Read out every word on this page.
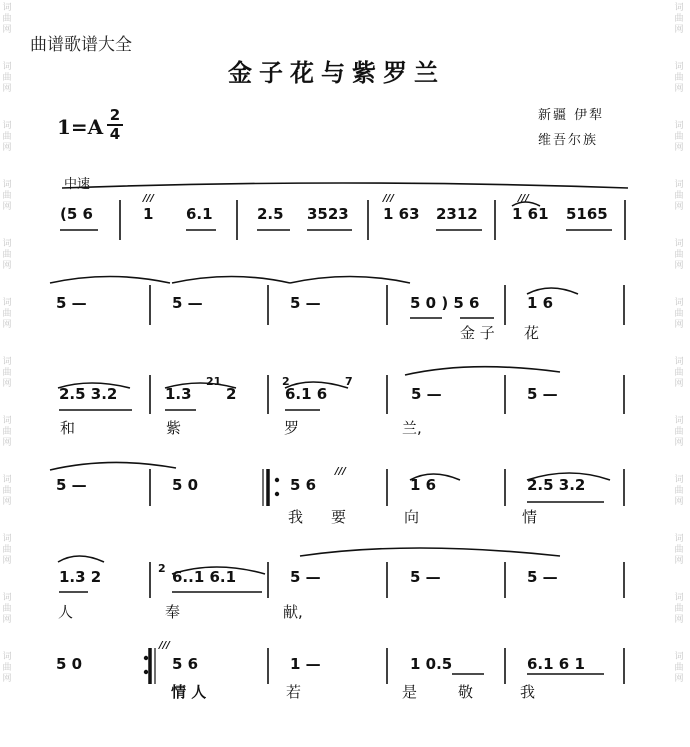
词
曲
网
词
曲
网
词
曲
网
词
曲
网
词
曲
网
词
曲
网
词
曲
网
词
曲
网
词
曲
网
词
曲
网
词
曲
网
词
曲
网
词
曲
网
词
曲
网
词
曲
网
词
曲
网
词
曲
网
词
曲
网
词
曲
网
词
曲
网
词
曲
网
词
曲
网
词
曲
网
词
曲
网
曲谱歌谱大全
金子花与紫罗兰
1=A 2
4
新疆 伊犁
维吾尔族
中速
///	///	///
21	2	7
///
2
///
(5 6	1 6.1	2.5 3523 1 63 2312 1 61 5165
5 —	5 —	5 —	5 0 ) 5 6	1 6
金 子 花
2.5 3.2	1.3 2	6.1 6	5 —	5 —
和	紫	罗	兰,
5 —	5 0	5 6	1 6	2.5 3.2
我 要	向	情
1.3 2	6..1 6.1	5 —	5 —	5 —
人	奉	献,
5 0	5 6	1 —	1 0.5	6.1 6 1
情 人	若	是	敬	我
